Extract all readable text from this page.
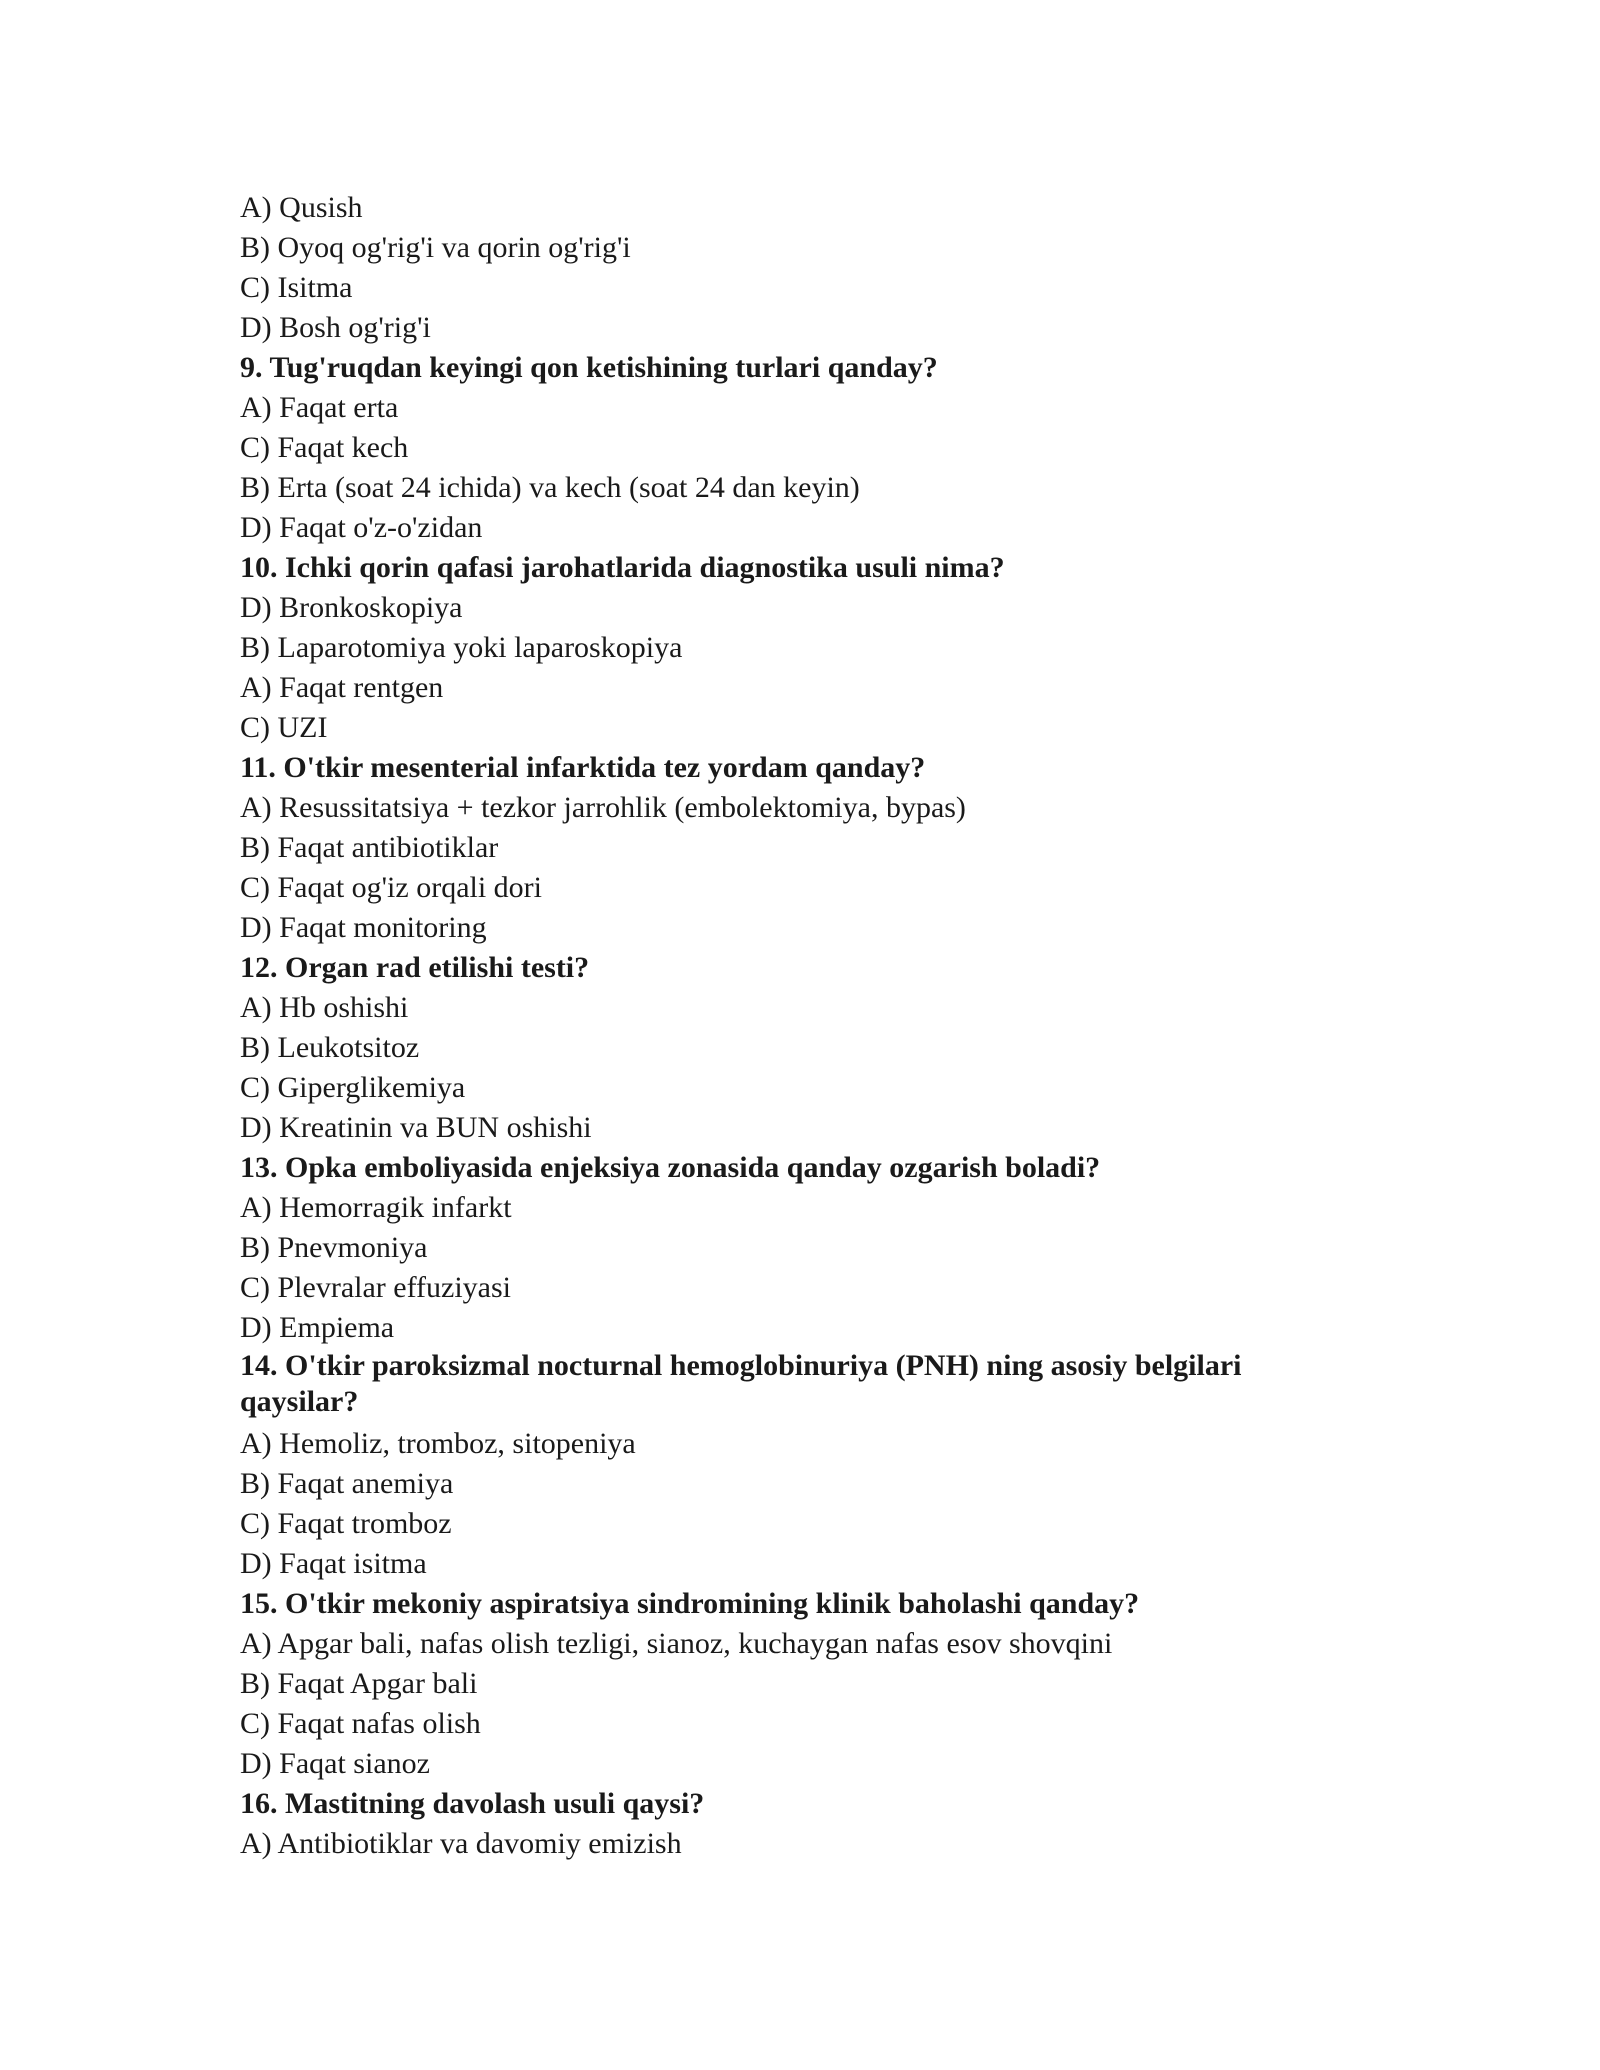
A) Qusish
B) Oyoq og'rig'i va qorin og'rig'i
C) Isitma
D) Bosh og'rig'i
9. Tug'ruqdan keyingi qon ketishining turlari qanday?
A) Faqat erta
C) Faqat kech
B) Erta (soat 24 ichida) va kech (soat 24 dan keyin)
D) Faqat o'z-o'zidan
10. Ichki qorin qafasi jarohatlarida diagnostika usuli nima?
D) Bronkoskopiya
B) Laparotomiya yoki laparoskopiya
A) Faqat rentgen
C) UZI
11. O'tkir mesenterial infarktida tez yordam qanday?
A) Resussitatsiya + tezkor jarrohlik (embolektomiya, bypas)
B) Faqat antibiotiklar
C) Faqat og'iz orqali dori
D) Faqat monitoring
12. Organ rad etilishi testi?
A) Hb oshishi
B) Leukotsitoz
C) Giperglikemiya
D) Kreatinin va BUN oshishi
13. Opka emboliyasida enjeksiya zonasida qanday ozgarish boladi?
A) Hemorragik infarkt
B) Pnevmoniya
C) Plevralar effuziyasi
D) Empiema
14. O'tkir paroksizmal nocturnal hemoglobinuriya (PNH) ning asosiy belgilari qaysilar?
A) Hemoliz, tromboz, sitopeniya
B) Faqat anemiya
C) Faqat tromboz
D) Faqat isitma
15. O'tkir mekoniy aspiratsiya sindromining klinik baholashi qanday?
A) Apgar bali, nafas olish tezligi, sianoz, kuchaygan nafas esov shovqini
B) Faqat Apgar bali
C) Faqat nafas olish
D) Faqat sianoz
16. Mastitning davolash usuli qaysi?
A) Antibiotiklar va davomiy emizish
